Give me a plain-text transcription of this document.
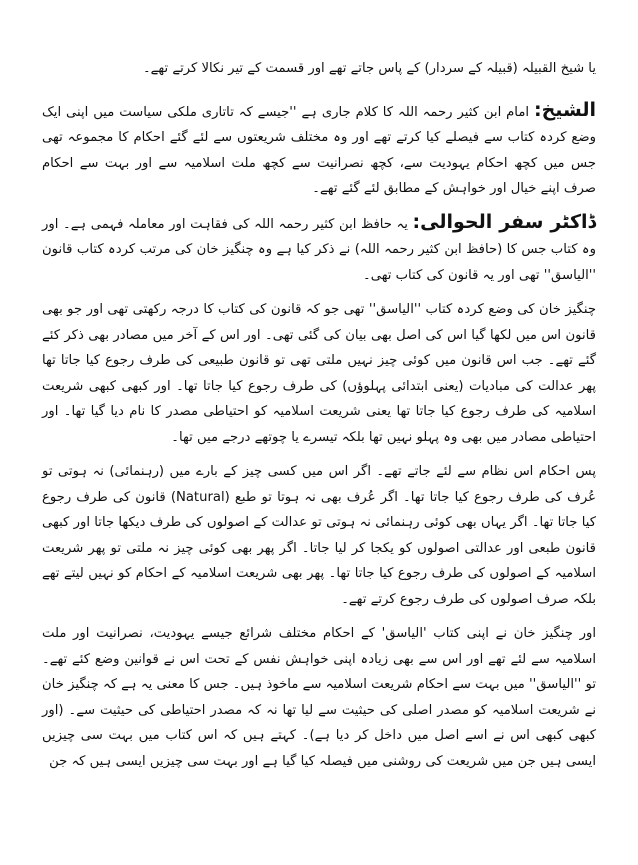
یا شیخ القبیلہ (قبیلہ کے سردار) کے پاس جاتے تھے اور قسمت کے تیر نکالا کرتے تھے۔

الشیخ: امام ابن کثیر رحمہ اللہ کا کلام جاری ہے ''جیسے کہ تاتاری ملکی سیاست میں اپنی ایک وضع کردہ کتاب سے فیصلے کیا کرتے تھے اور وہ مختلف شریعتوں سے لئے گئے احکام کا مجموعہ تھی جس میں کچھ احکام یہودیت سے، کچھ نصرانیت سے کچھ ملت اسلامیہ سے اور بہت سے احکام صرف اپنے خیال اور خواہش کے مطابق لئے گئے تھے۔

ڈاکٹر سفر الحوالی: یہ حافظ ابن کثیر رحمہ اللہ کی فقاہت اور معاملہ فہمی ہے۔ اور وہ کتاب جس کا (حافظ ابن کثیر رحمہ اللہ) نے ذکر کیا ہے وہ چنگیز خان کی مرتب کردہ کتاب قانون ''الیاسق'' تھی اور یہ قانون کی کتاب تھی۔

چنگیز خان کی وضع کردہ کتاب ''الیاسق'' تھی جو کہ قانون کی کتاب کا درجہ رکھتی تھی اور جو بھی قانون اس میں لکھا گیا اس کی اصل بھی بیان کی گئی تھی۔ اور اس کے آخر میں مصادر بھی ذکر کئے گئے تھے۔ جب اس قانون میں کوئی چیز نہیں ملتی تھی تو قانون طبیعی کی طرف رجوع کیا جاتا تھا پھر عدالت کی مبادیات (یعنی ابتدائی پہلوؤں) کی طرف رجوع کیا جاتا تھا۔ اور کبھی کبھی شریعت اسلامیہ کی طرف رجوع کیا جاتا تھا یعنی شریعت اسلامیہ کو احتیاطی مصدر کا نام دیا گیا تھا۔ اور احتیاطی مصادر میں بھی وہ پہلو نہیں تھا بلکہ تیسرے یا چوتھے درجے میں تھا۔

پس احکام اس نظام سے لئے جاتے تھے۔ اگر اس میں کسی چیز کے بارے میں (رہنمائی) نہ ہوتی تو عُرف کی طرف رجوع کیا جاتا تھا۔ اگر عُرف بھی نہ ہوتا تو طبع (Natural) قانون کی طرف رجوع کیا جاتا تھا۔ اگر یہاں بھی کوئی رہنمائی نہ ہوتی تو عدالت کے اصولوں کی طرف دیکھا جاتا اور کبھی قانون طبعی اور عدالتی اصولوں کو یکجا کر لیا جاتا۔ اگر پھر بھی کوئی چیز نہ ملتی تو پھر شریعت اسلامیہ کے اصولوں کی طرف رجوع کیا جاتا تھا۔ پھر بھی شریعت اسلامیہ کے احکام کو نہیں لیتے تھے بلکہ صرف اصولوں کی طرف رجوع کرتے تھے۔

اور چنگیز خان نے اپنی کتاب 'الیاسق' کے احکام مختلف شرائع جیسے یہودیت، نصرانیت اور ملت اسلامیہ سے لئے تھے اور اس سے بھی زیادہ اپنی خواہش نفس کے تحت اس نے قوانین وضع کئے تھے۔ تو ''الیاسق'' میں بہت سے احکام شریعت اسلامیہ سے ماخوذ ہیں۔ جس کا معنی یہ ہے کہ چنگیز خان نے شریعت اسلامیہ کو مصدر اصلی کی حیثیت سے لیا تھا نہ کہ مصدر احتیاطی کی حیثیت سے۔ (اور کبھی کبھی اس نے اسے اصل میں داخل کر دیا ہے)۔ کہتے ہیں کہ اس کتاب میں بہت سی چیزیں ایسی ہیں جن میں شریعت کی روشنی میں فیصلہ کیا گیا ہے اور بہت سی چیزیں ایسی ہیں کہ جن
